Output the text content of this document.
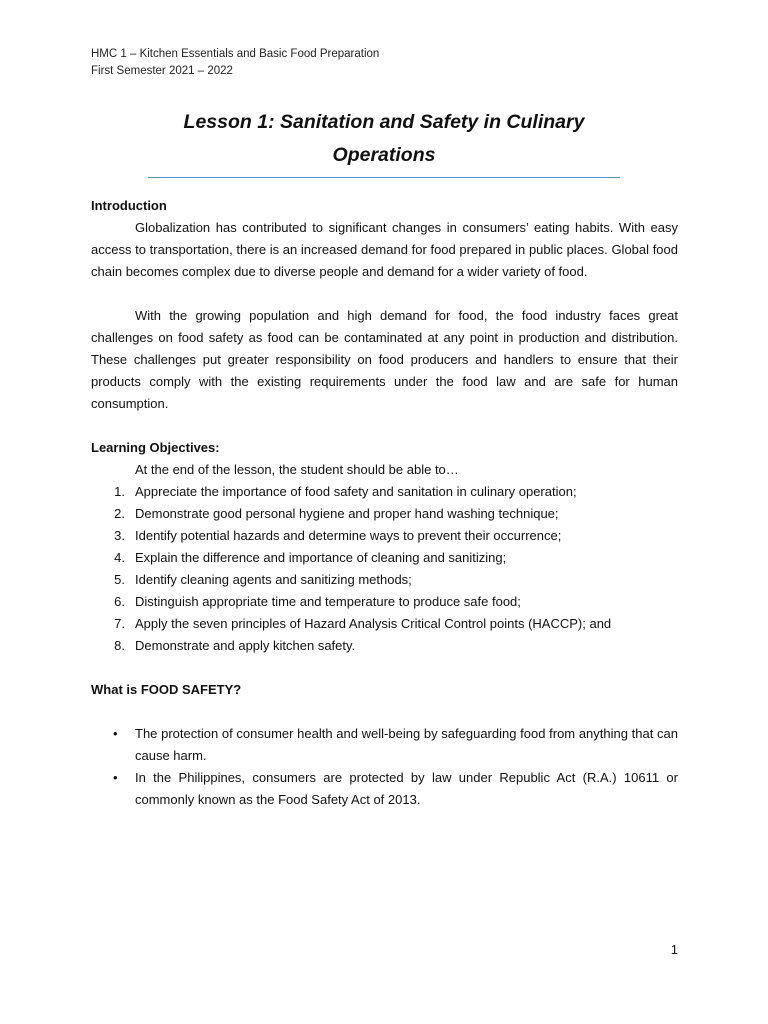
HMC 1 – Kitchen Essentials and Basic Food Preparation
First Semester 2021 – 2022
Lesson 1: Sanitation and Safety in Culinary
Operations
Introduction

Globalization has contributed to significant changes in consumers’ eating habits. With easy access to transportation, there is an increased demand for food prepared in public places. Global food chain becomes complex due to diverse people and demand for a wider variety of food.

With the growing population and high demand for food, the food industry faces great challenges on food safety as food can be contaminated at any point in production and distribution. These challenges put greater responsibility on food producers and handlers to ensure that their products comply with the existing requirements under the food law and are safe for human consumption.

Learning Objectives:
At the end of the lesson, the student should be able to…
1. Appreciate the importance of food safety and sanitation in culinary operation;
2. Demonstrate good personal hygiene and proper hand washing technique;
3. Identify potential hazards and determine ways to prevent their occurrence;
4. Explain the difference and importance of cleaning and sanitizing;
5. Identify cleaning agents and sanitizing methods;
6. Distinguish appropriate time and temperature to produce safe food;
7. Apply the seven principles of Hazard Analysis Critical Control points (HACCP); and
8. Demonstrate and apply kitchen safety.
What is FOOD SAFETY?
• The protection of consumer health and well-being by safeguarding food from anything that can cause harm.
• In the Philippines, consumers are protected by law under Republic Act (R.A.) 10611 or commonly known as the Food Safety Act of 2013.
1
